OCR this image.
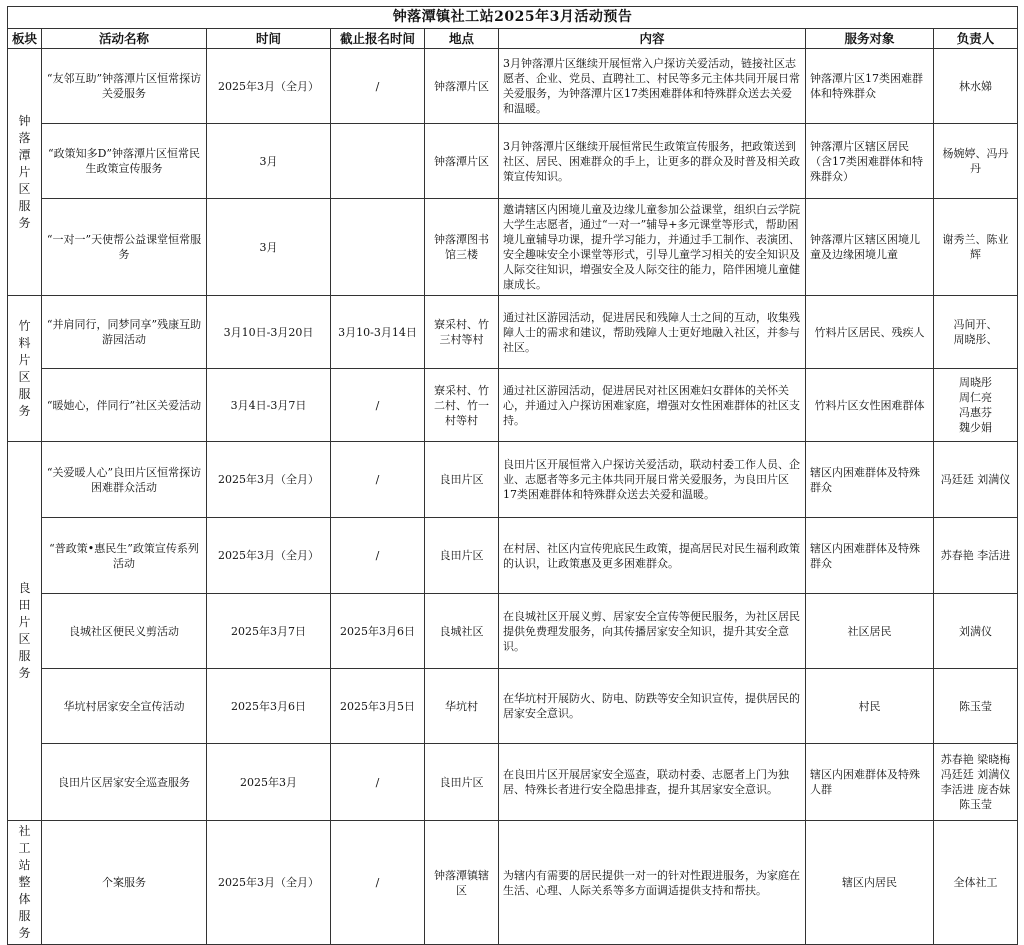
钟落潭镇社工站2025年3月活动预告							
板块	活动名称	时间	截止报名时间	地点	内容	服务对象	负责人
钟落潭片区服务	“友邻互助”钟落潭片区恒常探访关爱服务	2025年3月（全月）	/	钟落潭片区	3月钟落潭片区继续开展恒常入户探访关爱活动，链接社区志愿者、企业、党员、直聘社工、村民等多元主体共同开展日常关爱服务，为钟落潭片区17类困难群体和特殊群众送去关爱和温暖。	钟落潭片区17类困难群体和特殊群众	林水娣

	“政策知多D”钟落潭片区恒常民生政策宣传服务	3月		钟落潭片区	3月钟落潭片区继续开展恒常民生政策宣传服务，把政策送到社区、居民、困难群众的手上，让更多的群众及时普及相关政策宣传知识。	钟落潭片区辖区居民（含17类困难群体和特殊群众）	杨婉婷、冯丹丹

	“一对一”天使帮公益课堂恒常服务	3月		钟落潭图书馆三楼	邀请辖区内困境儿童及边缘儿童参加公益课堂，组织白云学院大学生志愿者，通过“一对一”辅导+多元课堂等形式，帮助困境儿童辅导功课，提升学习能力，并通过手工制作、表演团、安全趣味安全小课堂等形式，引导儿童学习相关的安全知识及人际交往知识，增强安全及人际交往的能力，陪伴困境儿童健康成长。	钟落潭片区辖区困境儿童及边缘困境儿童	谢秀兰、陈业辉

竹料片区服务	“并肩同行，同梦同享”残康互助游园活动	3月10日-3月20日	3月10-3月14日	寮采村、竹三村等村	通过社区游园活动，促进居民和残障人士之间的互动，收集残障人士的需求和建议，帮助残障人士更好地融入社区，并参与社区。	竹料片区居民、残疾人	冯间开、
周晓彤、

	“暖她心，伴同行”社区关爱活动	3月4日-3月7日	/	寮采村、竹二村、竹一村等村	通过社区游园活动，促进居民对社区困难妇女群体的关怀关心，并通过入户探访困难家庭，增强对女性困难群体的社区支持。	竹料片区女性困难群体	周晓彤
周仁亮
冯惠芬
魏少娟

良田片区服务	“关爱暖人心”良田片区恒常探访困难群众活动	2025年3月（全月）	/	良田片区	良田片区开展恒常入户探访关爱活动，联动村委工作人员、企业、志愿者等多元主体共同开展日常关爱服务，为良田片区17类困难群体和特殊群众送去关爱和温暖。	辖区内困难群体及特殊群众	冯廷廷 刘满仪

	“普政策•惠民生”政策宣传系列活动	2025年3月（全月）	/	良田片区	在村居、社区内宣传兜底民生政策，提高居民对民生福利政策的认识，让政策惠及更多困难群众。	辖区内困难群体及特殊群众	苏春艳 李活进

	良城社区便民义剪活动	2025年3月7日	2025年3月6日	良城社区	在良城社区开展义剪、居家安全宣传等便民服务，为社区居民提供免费理发服务，向其传播居家安全知识，提升其安全意识。	社区居民	刘满仪

	华坑村居家安全宣传活动	2025年3月6日	2025年3月5日	华坑村	在华坑村开展防火、防电、防跌等安全知识宣传，提供居民的居家安全意识。	村民	陈玉莹

	良田片区居家安全巡查服务	2025年3月	/	良田片区	在良田片区开展居家安全巡查，联动村委、志愿者上门为独居、特殊长者进行安全隐患排查，提升其居家安全意识。	辖区内困难群体及特殊人群	苏春艳 梁晓梅
冯廷廷 刘满仪
李活进 庞杏妹
陈玉莹

社工站整体服务	个案服务	2025年3月（全月）	/	钟落潭镇辖区	为辖内有需要的居民提供一对一的针对性跟进服务，为家庭在生活、心理、人际关系等多方面调适提供支持和帮扶。	辖区内居民	全体社工
